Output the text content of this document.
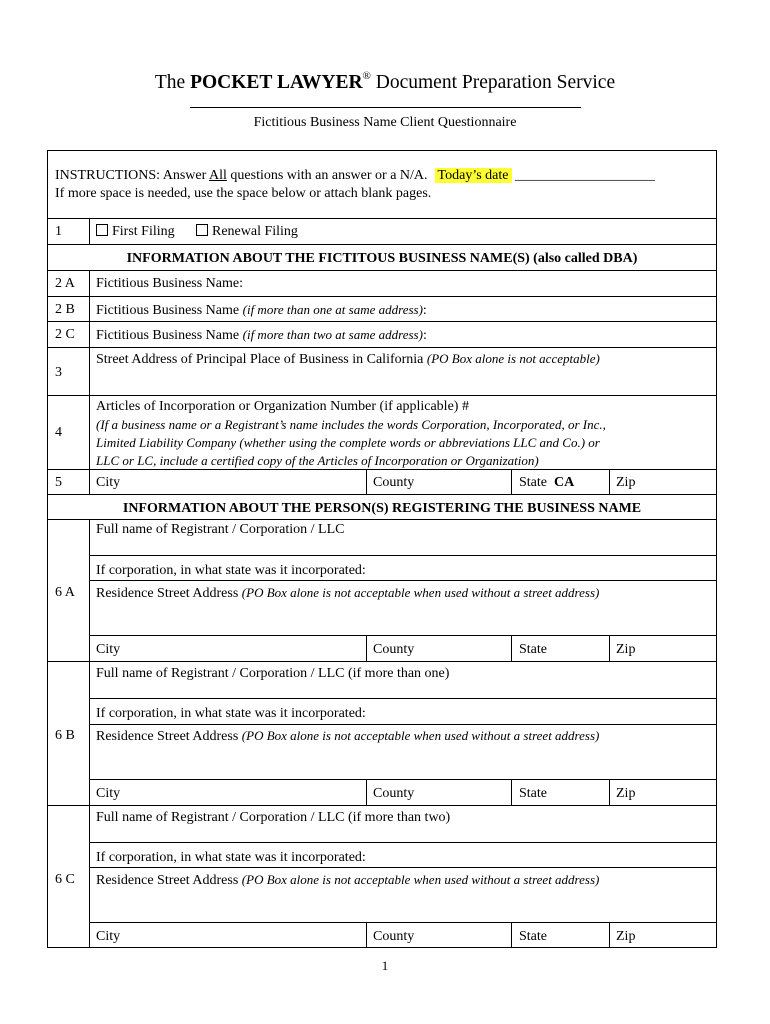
The POCKET LAWYER® Document Preparation Service
Fictitious Business Name Client Questionnaire
INSTRUCTIONS: Answer All questions with an answer or a N/A. Today’s date ____________________
If more space is needed, use the space below or attach blank pages.
1	First Filing	Renewal Filing
INFORMATION ABOUT THE FICTITOUS BUSINESS NAME(S) (also called DBA)
2 A Fictitious Business Name:
2 B Fictitious Business Name (if more than one at same address):
2 C Fictitious Business Name (if more than two at same address):
3
Street Address of Principal Place of Business in California (PO Box alone is not acceptable)
4
Articles of Incorporation or Organization Number (if applicable) #
(If a business name or a Registrant’s name includes the words Corporation, Incorporated, or Inc.,
Limited Liability Company (whether using the complete words or abbreviations LLC and Co.) or
LLC or LC, include a certified copy of the Articles of Incorporation or Organization)
5 City	County	State CA	Zip
INFORMATION ABOUT THE PERSON(S) REGISTERING THE BUSINESS NAME
6 A
Full name of Registrant / Corporation / LLC
If corporation, in what state was it incorporated:
Residence Street Address (PO Box alone is not acceptable when used without a street address)
City	County	State	Zip
6 B
Full name of Registrant / Corporation / LLC (if more than one)
If corporation, in what state was it incorporated:
Residence Street Address (PO Box alone is not acceptable when used without a street address)
City	County	State	Zip
6 C
Full name of Registrant / Corporation / LLC (if more than two)
If corporation, in what state was it incorporated:
Residence Street Address (PO Box alone is not acceptable when used without a street address)
City	County	State	Zip
1
